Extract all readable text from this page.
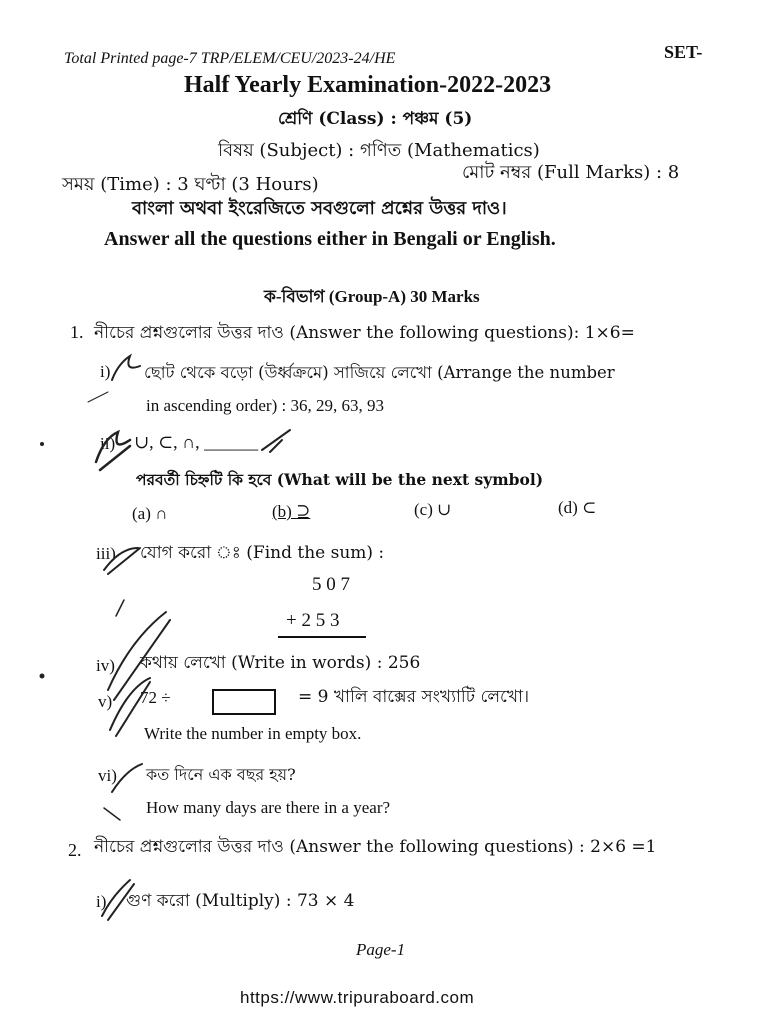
Total Printed page-7 TRP/ELEM/CEU/2023-24/HE	SET-
Half Yearly Examination-2022-2023
শ্রেণি (Class) : পঞ্চম (5)
বিষয় (Subject) : গণিত (Mathematics)
সময় (Time) : 3 ঘণ্টা (3 Hours)
মোট নম্বর (Full Marks) : 8
বাংলা অথবা ইংরেজিতে সবগুলো প্রশ্নের উত্তর দাও।
Answer all the questions either in Bengali or English.
ক-বিভাগ (Group-A) 30 Marks
1. নীচের প্রশ্নগুলোর উত্তর দাও (Answer the following questions): 1×6=
i) ছোট থেকে বড়ো (উর্ধ্বক্রমে) সাজিয়ে লেখো (Arrange the number
in ascending order) : 36, 29, 63, 93
ii) ∪, ⊂, ∩, ______
পরবর্তী চিহ্নটি কি হবে (What will be the next symbol)
(a) ∩	(b) ⊇	(c) ∪	(d) ⊂
iii) যোগ করো ঃ (Find the sum) :
5 0 7
+ 2 5 3
iv) কথায় লেখো (Write in words) : 256
v) 72 ÷	= 9 খালি বাক্সের সংখ্যাটি লেখো।
Write the number in empty box.
vi) কত দিনে এক বছর হয়?
How many days are there in a year?
2. নীচের প্রশ্নগুলোর উত্তর দাও (Answer the following questions) : 2×6 =1
i) গুণ করো (Multiply) : 73 × 4
Page-1
https://www.tripuraboard.com
